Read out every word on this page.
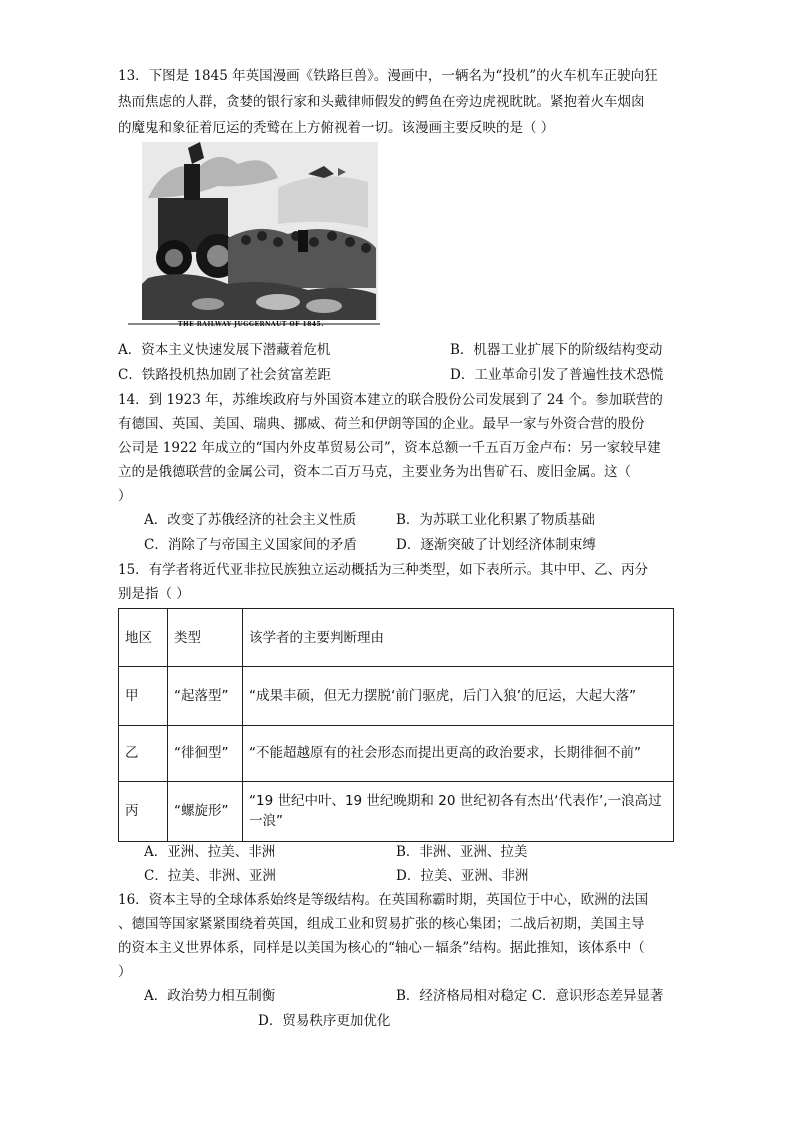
13．下图是 1845 年英国漫画《铁路巨兽》。漫画中，一辆名为“投机”的火车机车正驶向狂
热而焦虑的人群，贪婪的银行家和头戴律师假发的鳄鱼在旁边虎视眈眈。紧抱着火车烟囱
的魔鬼和象征着厄运的秃鹫在上方俯视着一切。该漫画主要反映的是（ ）
THE RAILWAY JUGGERNAUT OF 1845.
A．资本主义快速发展下潜藏着危机	B．机器工业扩展下的阶级结构变动
C．铁路投机热加剧了社会贫富差距	D．工业革命引发了普遍性技术恐慌
14．到 1923 年，苏维埃政府与外国资本建立的联合股份公司发展到了 24 个。参加联营的
有德国、英国、美国、瑞典、挪威、荷兰和伊朗等国的企业。最早一家与外资合营的股份
公司是 1922 年成立的“国内外皮革贸易公司”，资本总额一千五百万金卢布：另一家较早建
立的是俄德联营的金属公司，资本二百万马克，主要业务为出售矿石、废旧金属。这（
）
A．改变了苏俄经济的社会主义性质	B．为苏联工业化积累了物质基础
C．消除了与帝国主义国家间的矛盾	D．逐渐突破了计划经济体制束缚
15．有学者将近代亚非拉民族独立运动概括为三种类型，如下表所示。其中甲、乙、丙分
别是指（ ）
地区	类型	该学者的主要判断理由
甲	“起落型”	“成果丰硕，但无力摆脱‘前门驱虎，后门入狼’的厄运，大起大落”
乙	“徘徊型”	“不能超越原有的社会形态而提出更高的政治要求，长期徘徊不前”
丙	“螺旋形”	“19 世纪中叶、19 世纪晚期和 20 世纪初各有杰出‘代表作’,一浪高过一浪”
A．亚洲、拉美、非洲	B．非洲、亚洲、拉美
C．拉美、非洲、亚洲	D．拉美、亚洲、非洲
16．资本主导的全球体系始终是等级结构。在英国称霸时期，英国位于中心，欧洲的法国
、德国等国家紧紧围绕着英国，组成工业和贸易扩张的核心集团；二战后初期，美国主导
的资本主义世界体系，同样是以美国为核心的“轴心－辐条”结构。据此推知，该体系中（
）
A．政治势力相互制衡	B．经济格局相对稳定 C．意识形态差异显著
D．贸易秩序更加优化
